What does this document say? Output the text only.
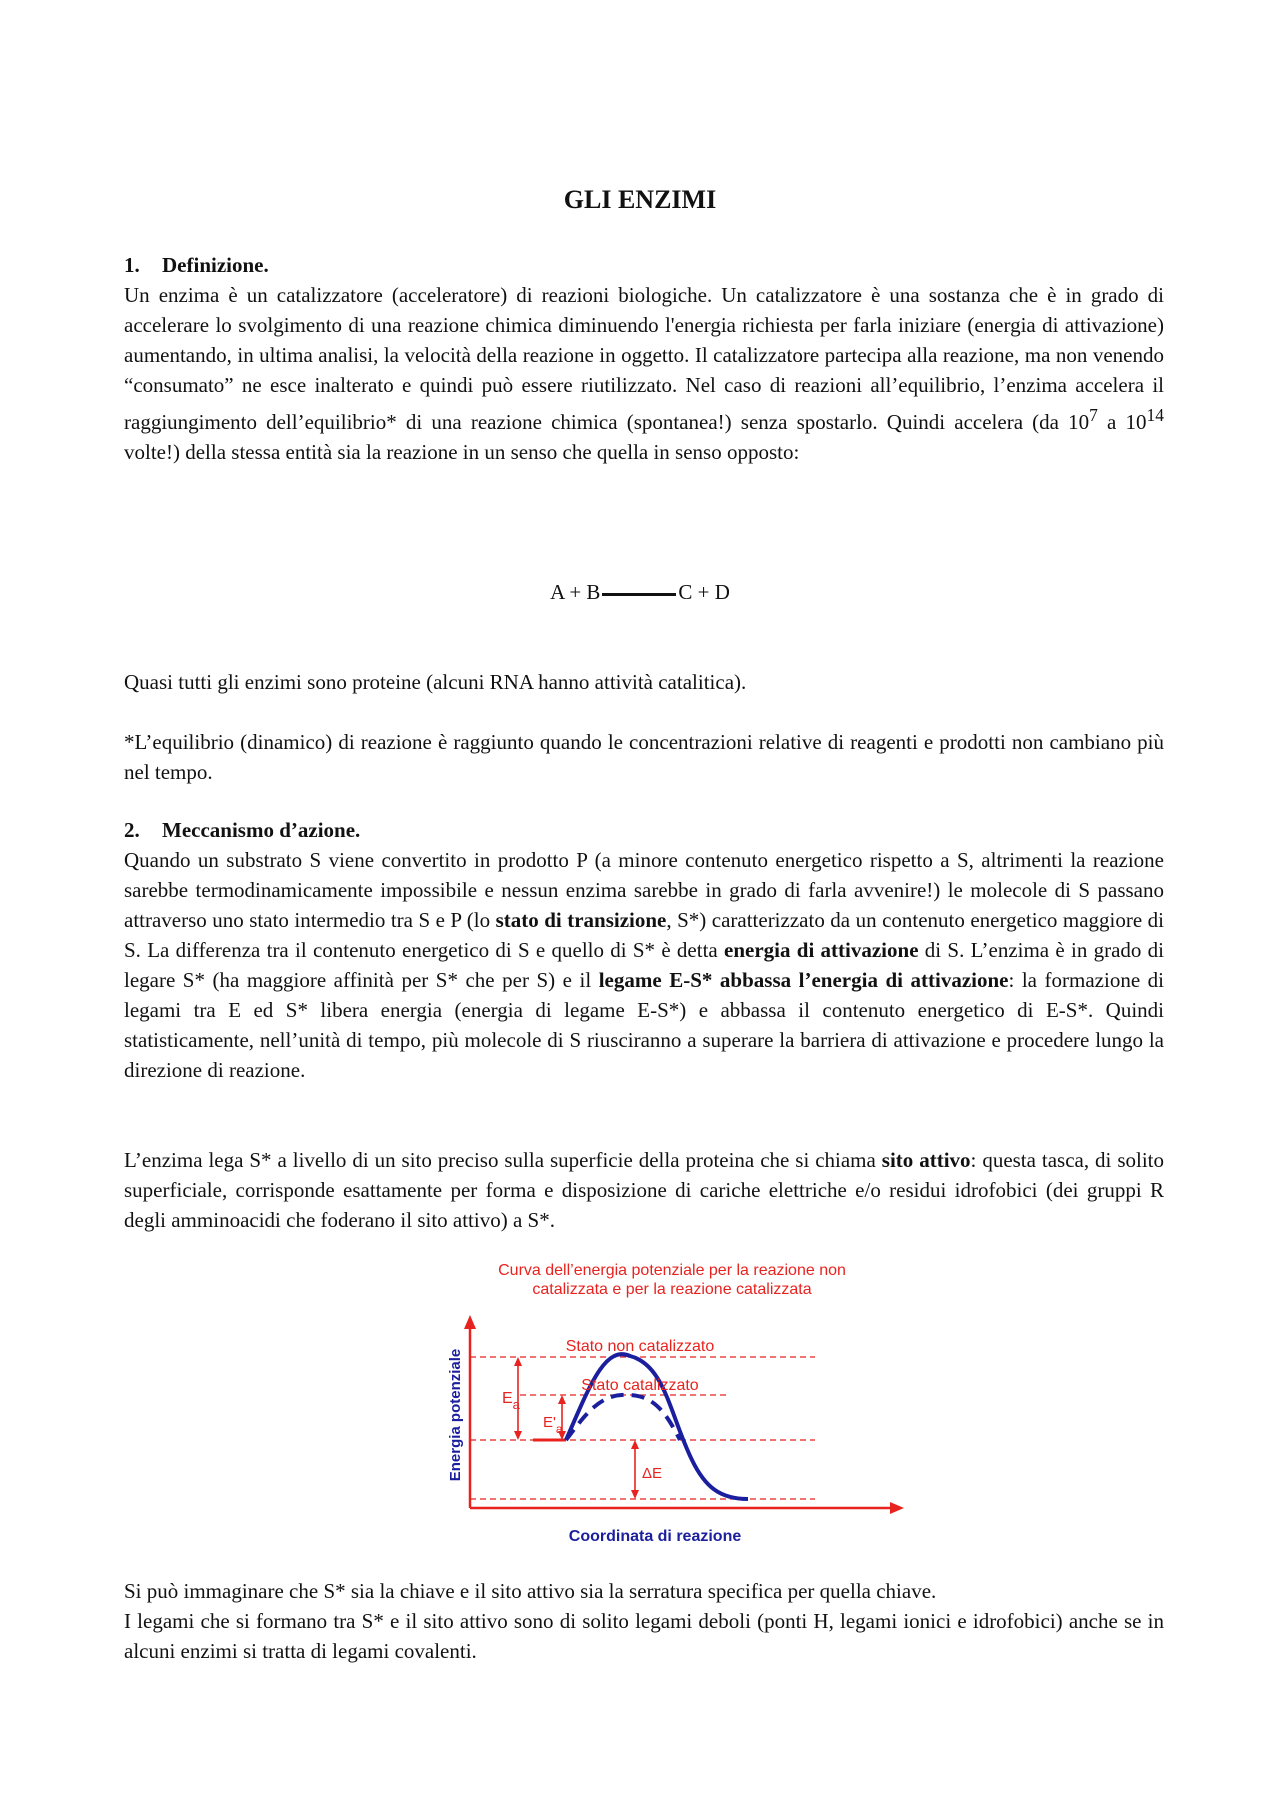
GLI ENZIMI
1. Definizione.

Un enzima è un catalizzatore (acceleratore) di reazioni biologiche. Un catalizzatore è una sostanza che è in grado di accelerare lo svolgimento di una reazione chimica diminuendo l'energia richiesta per farla iniziare (energia di attivazione) aumentando, in ultima analisi, la velocità della reazione in oggetto. Il catalizzatore partecipa alla reazione, ma non venendo “consumato” ne esce inalterato e quindi può essere riutilizzato. Nel caso di reazioni all’equilibrio, l’enzima accelera il raggiungimento dell’equilibrio* di una reazione chimica (spontanea!) senza spostarlo. Quindi accelera (da $10^7$ a $10^{14}$ volte!) della stessa entità sia la reazione in un senso che quella in senso opposto:

A + B	C + D

Quasi tutti gli enzimi sono proteine (alcuni RNA hanno attività catalitica).

*L’equilibrio (dinamico) di reazione è raggiunto quando le concentrazioni relative di reagenti e prodotti non cambiano più nel tempo.

2. Meccanismo d’azione.

Quando un substrato S viene convertito in prodotto P (a minore contenuto energetico rispetto a S, altrimenti la reazione sarebbe termodinamicamente impossibile e nessun enzima sarebbe in grado di farla avvenire!) le molecole di S passano attraverso uno stato intermedio tra S e P (lo stato di transizione, S*) caratterizzato da un contenuto energetico maggiore di S. La differenza tra il contenuto energetico di S e quello di S* è detta energia di attivazione di S. L’enzima è in grado di legare S* (ha maggiore affinità per S* che per S) e il legame E-S* abbassa l’energia di attivazione: la formazione di legami tra E ed S* libera energia (energia di legame E-S*) e abbassa il contenuto energetico di E-S*. Quindi statisticamente, nell’unità di tempo, più molecole di S riusciranno a superare la barriera di attivazione e procedere lungo la direzione di reazione.

L’enzima lega S* a livello di un sito preciso sulla superficie della proteina che si chiama sito attivo: questa tasca, di solito superficiale, corrisponde esattamente per forma e disposizione di cariche elettriche e/o residui idrofobici (dei gruppi R degli amminoacidi che foderano il sito attivo) a S*.

Curva dell’energia potenziale per la reazione non
catalizzata e per la reazione catalizzata
Stato non catalizzato
Stato catalizzato
$E_a$
$E'_a$
ΔE
Energia potenziale
Coordinata di reazione

Si può immaginare che S* sia la chiave e il sito attivo sia la serratura specifica per quella chiave.

I legami che si formano tra S* e il sito attivo sono di solito legami deboli (ponti H, legami ionici e idrofobici) anche se in alcuni enzimi si tratta di legami covalenti.
